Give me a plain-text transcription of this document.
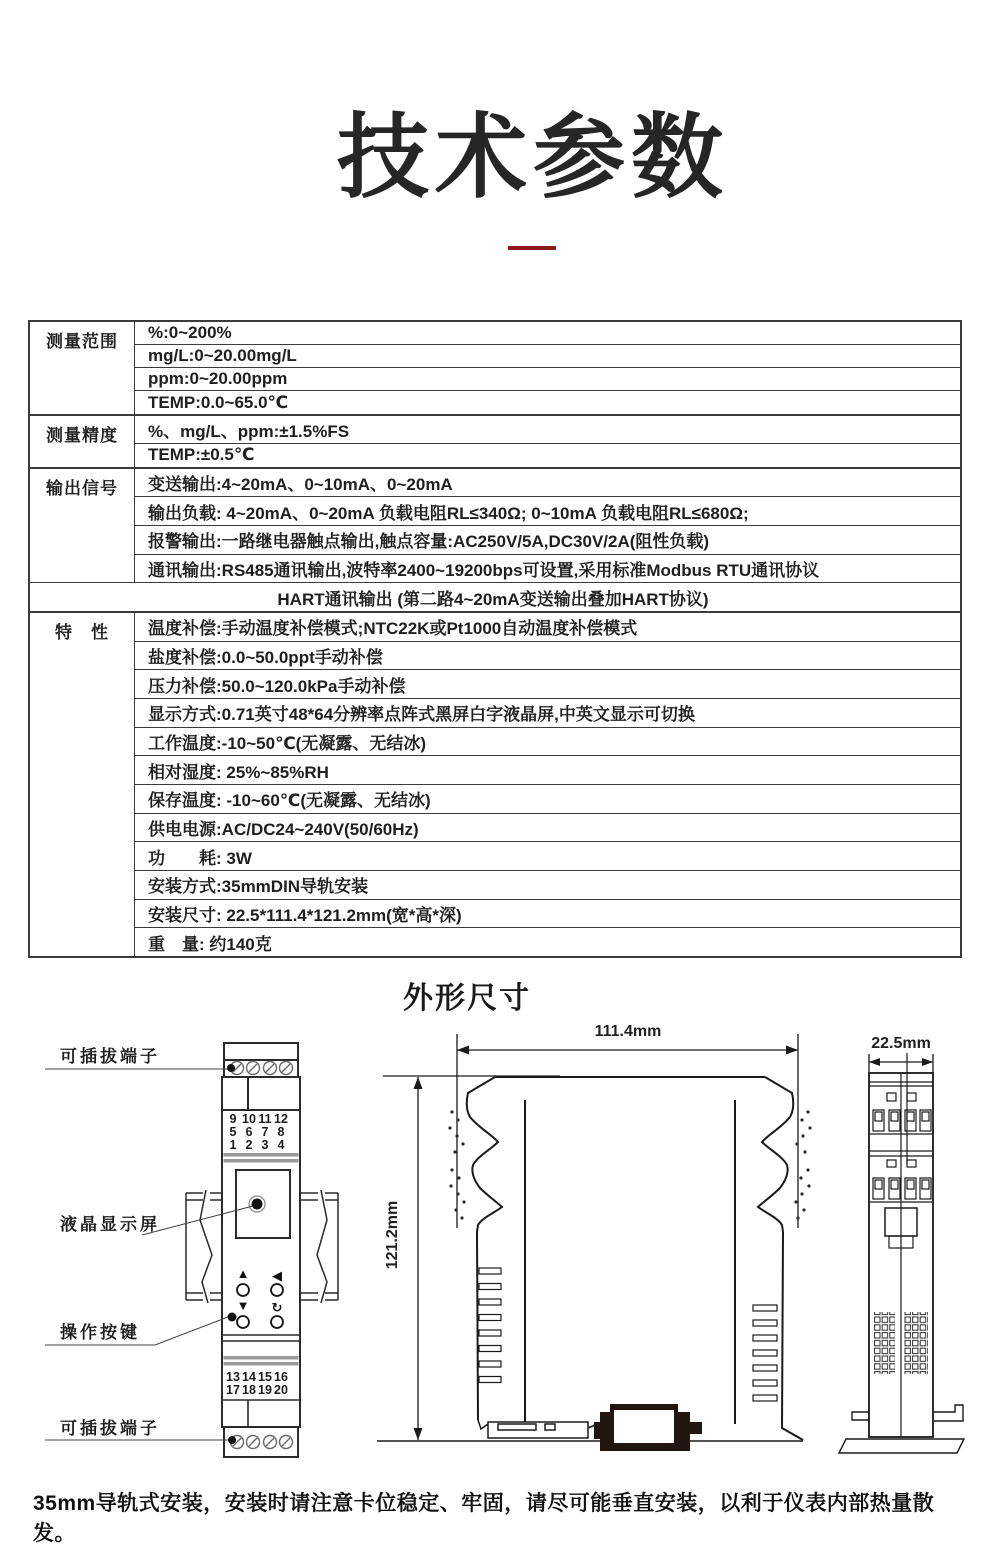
技术参数
测量范围	%:0~200%
	mg/L:0~20.00mg/L
	ppm:0~20.00ppm
	TEMP:0.0~65.0℃
测量精度	%、mg/L、ppm:±1.5%FS
	TEMP:±0.5℃
输出信号	变送输出:4~20mA、0~10mA、0~20mA
	输出负载: 4~20mA、0~20mA 负载电阻RL≤340Ω; 0~10mA 负载电阻RL≤680Ω;
	报警输出:一路继电器触点输出,触点容量:AC250V/5A,DC30V/2A(阻性负载)
	通讯输出:RS485通讯输出,波特率2400~19200bps可设置,采用标准Modbus RTU通讯协议
HART通讯输出 (第二路4~20mA变送输出叠加HART协议)	
特　性	温度补偿:手动温度补偿模式;NTC22K或Pt1000自动温度补偿模式
	盐度补偿:0.0~50.0ppt手动补偿
	压力补偿:50.0~120.0kPa手动补偿
	显示方式:0.71英寸48*64分辨率点阵式黑屏白字液晶屏,中英文显示可切换
	工作温度:-10~50℃(无凝露、无结冰)
	相对湿度: 25%~85%RH
	保存温度: -10~60℃(无凝露、无结冰)
	供电电源:AC/DC24~240V(50/60Hz)
	功　　耗: 3W
	安装方式:35mmDIN导轨安装
	安装尺寸: 22.5*111.4*121.2mm(宽*高*深)
	重　量: 约140克
外形尺寸
9 10 11 12
5 6 7 8
1 2 3 4
▲
▼
◀
↻
13 14 15 16
17 18 19 20
可插拔端子
液晶显示屏
操作按键
可插拔端子
111.4mm
121.2mm
22.5mm
35mm导轨式安装，安装时请注意卡位稳定、牢固，请尽可能垂直安装，以利于仪表内部热量散发。
